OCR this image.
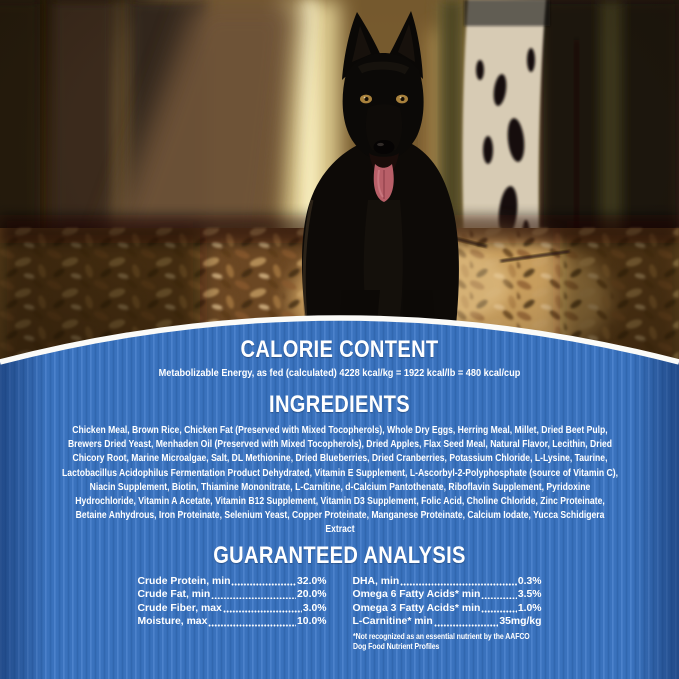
CALORIE CONTENT

Metabolizable Energy, as fed (calculated) 4228 kcal/kg = 1922 kcal/lb = 480 kcal/cup

INGREDIENTS

Chicken Meal, Brown Rice, Chicken Fat (Preserved with Mixed Tocopherols), Whole Dry Eggs, Herring Meal, Millet, Dried Beet Pulp, Brewers Dried Yeast, Menhaden Oil (Preserved with Mixed Tocopherols), Dried Apples, Flax Seed Meal, Natural Flavor, Lecithin, Dried Chicory Root, Marine Microalgae, Salt, DL Methionine, Dried Blueberries, Dried Cranberries, Potassium Chloride, L-Lysine, Taurine, Lactobacillus Acidophilus Fermentation Product Dehydrated, Vitamin E Supplement, L-Ascorbyl-2-Polyphosphate (source of Vitamin C), Niacin Supplement, Biotin, Thiamine Mononitrate, L-Carnitine, d-Calcium Pantothenate, Riboflavin Supplement, Pyridoxine Hydrochloride, Vitamin A Acetate, Vitamin B12 Supplement, Vitamin D3 Supplement, Folic Acid, Choline Chloride, Zinc Proteinate, Betaine Anhydrous, Iron Proteinate, Selenium Yeast, Copper Proteinate, Manganese Proteinate, Calcium Iodate, Yucca Schidigera Extract

GUARANTEED ANALYSIS
Crude Protein, min	32.0%
Crude Fat, min	20.0%
Crude Fiber, max	3.0%
Moisture, max	10.0%
DHA, min	0.3%
Omega 6 Fatty Acids* min	3.5%
Omega 3 Fatty Acids* min	1.0%
L-Carnitine* min	35mg/kg

*Not recognized as an essential nutrient by the AAFCO Dog Food Nutrient Profiles
